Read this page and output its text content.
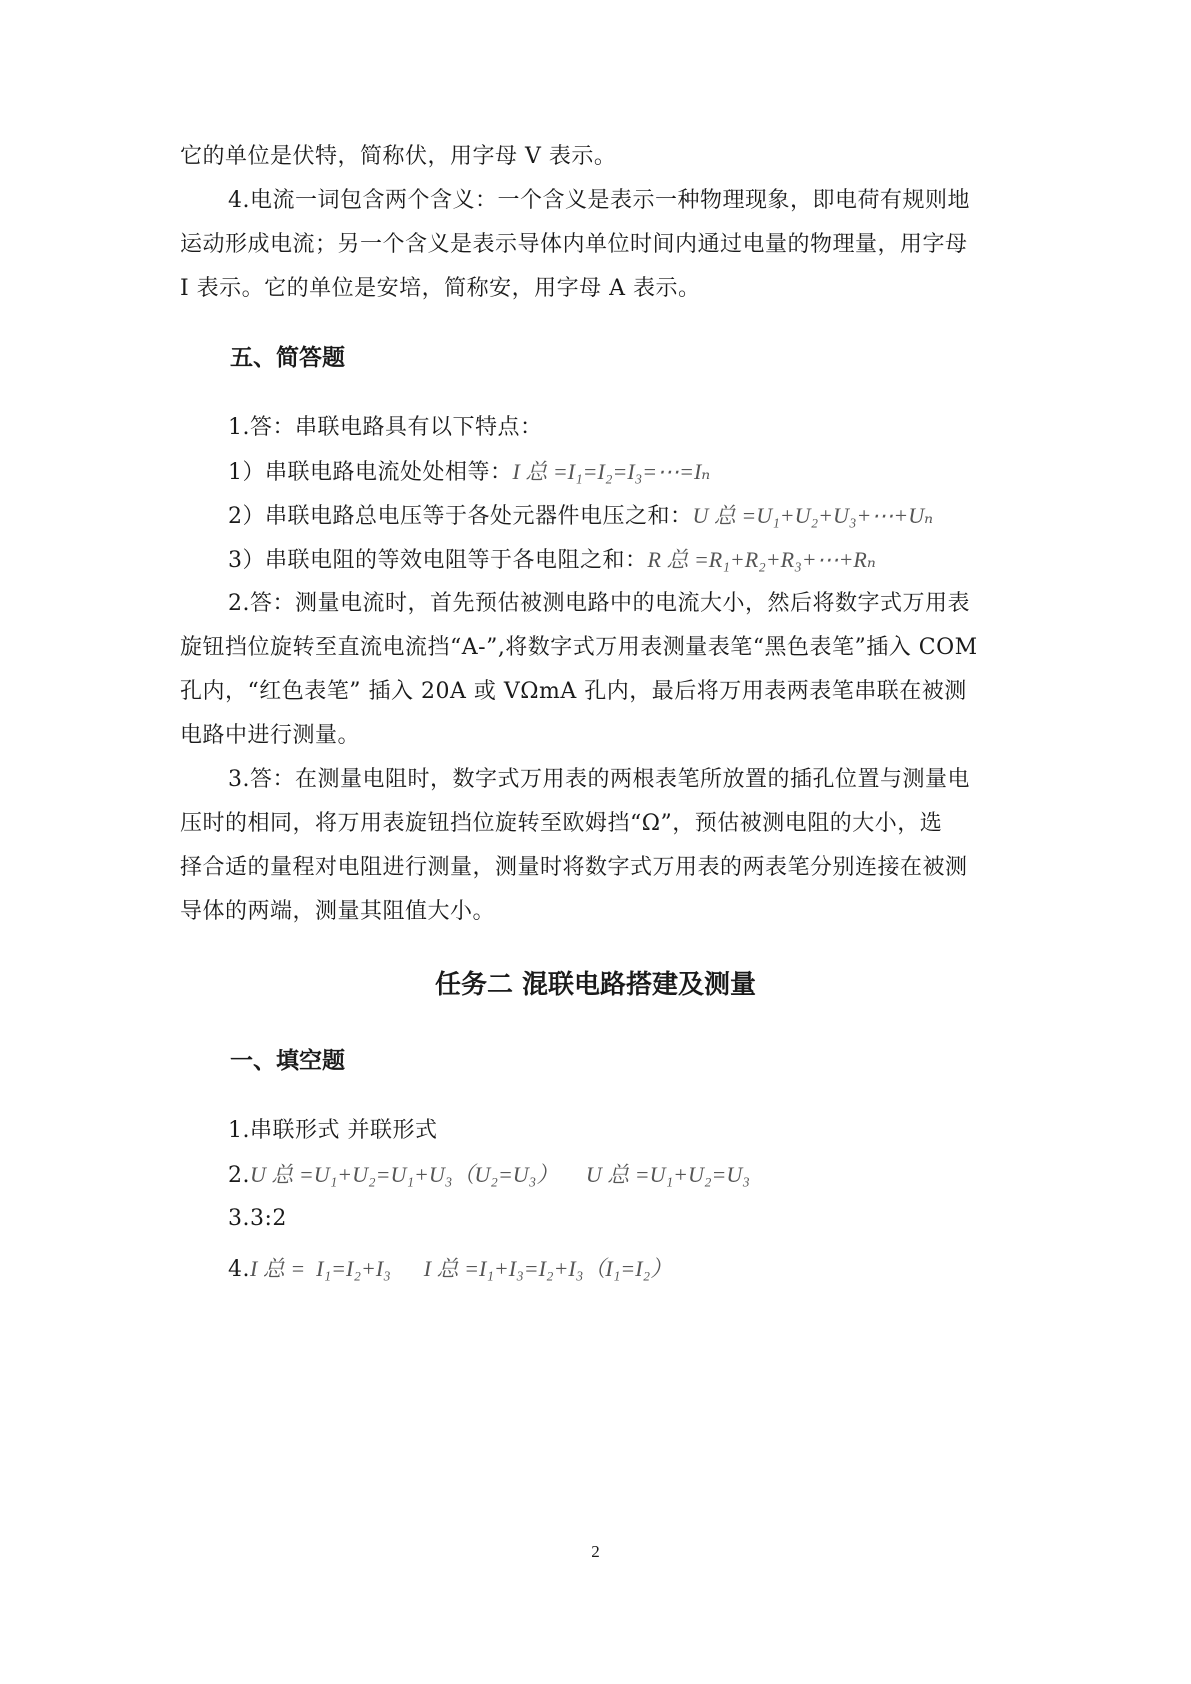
它的单位是伏特，简称伏，用字母 V 表示。
4.电流一词包含两个含义：一个含义是表示一种物理现象，即电荷有规则地
运动形成电流；另一个含义是表示导体内单位时间内通过电量的物理量，用字母
I 表示。它的单位是安培，简称安，用字母 A 表示。
五、简答题
1.答：串联电路具有以下特点：
1）串联电路电流处处相等：I 总 =I₁=I₂=I₃=⋯=Iₙ
2）串联电路总电压等于各处元器件电压之和：U 总 =U₁+U₂+U₃+⋯+Uₙ
3）串联电阻的等效电阻等于各电阻之和：R 总 =R₁+R₂+R₃+⋯+Rₙ
2.答：测量电流时，首先预估被测电路中的电流大小，然后将数字式万用表
旋钮挡位旋转至直流电流挡“A-”,将数字式万用表测量表笔“黑色表笔”插入 COM
孔内，“红色表笔” 插入 20A 或 VΩmA 孔内，最后将万用表两表笔串联在被测
电路中进行测量。
3.答：在测量电阻时，数字式万用表的两根表笔所放置的插孔位置与测量电
压时的相同，将万用表旋钮挡位旋转至欧姆挡“Ω”，预估被测电阻的大小，选
择合适的量程对电阻进行测量，测量时将数字式万用表的两表笔分别连接在被测
导体的两端，测量其阻值大小。
任务二 混联电路搭建及测量
一、填空题
1.串联形式 并联形式
2.U 总 =U₁+U₂=U₁+U₃（U₂=U₃）     U 总 =U₁+U₂=U₃
3.3:2
4.I 总 =  I₁=I₂+I₃      I 总 =I₁+I₃=I₂+I₃（I₁=I₂）
2
